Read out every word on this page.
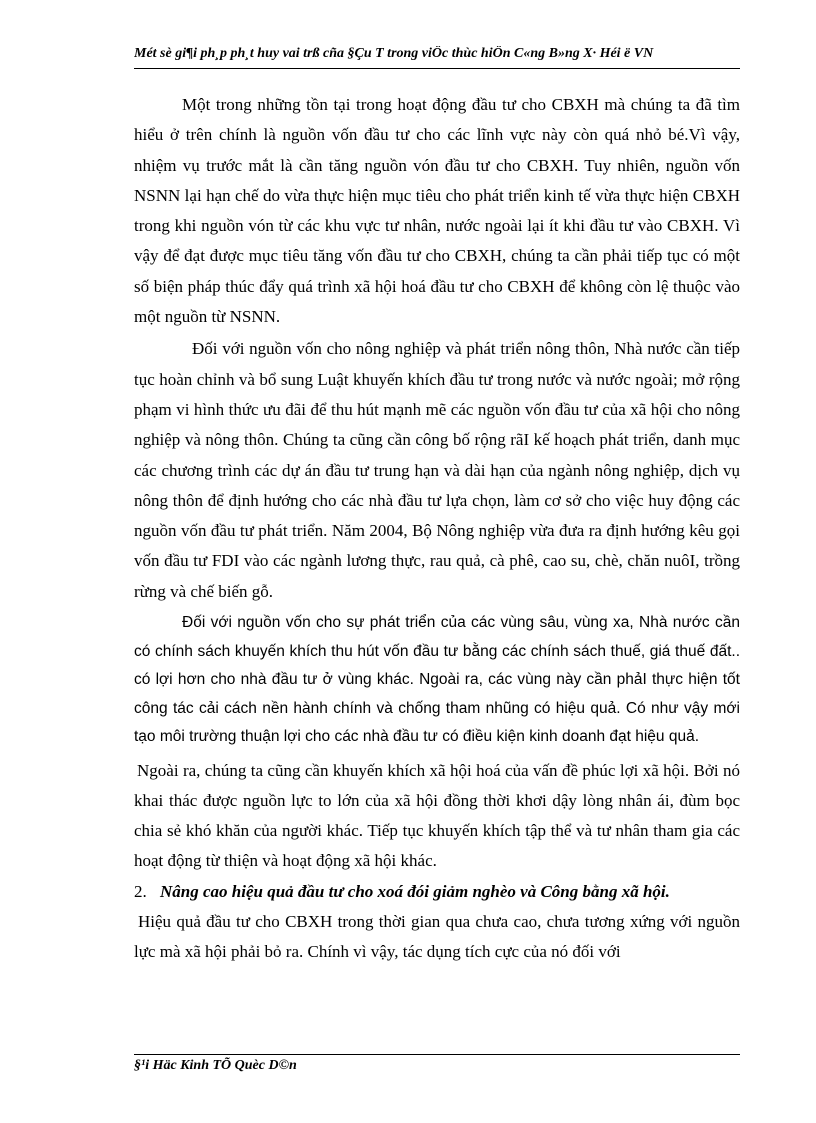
Mét sè gi¶i ph¸p ph¸t huy vai trß cña §Çu T trong viÖc thùc hiÖn C«ng B»ng X· Héi ë VN

Một trong những tồn tại trong hoạt động đầu tư cho CBXH mà chúng ta đã tìm hiểu ở trên chính là nguồn vốn đầu tư cho các lĩnh vực này còn quá nhỏ bé.Vì vậy, nhiệm vụ trước mắt là cần tăng nguồn vón đầu tư cho CBXH. Tuy nhiên, nguồn vốn NSNN lại hạn chế do vừa thực hiện mục tiêu cho phát triển kinh tế vừa thực hiện CBXH trong khi nguồn vón từ các khu vực tư nhân, nước ngoài lại ít khi đầu tư vào CBXH. Vì vậy để đạt được mục tiêu tăng vốn đầu tư cho CBXH, chúng ta cần phải tiếp tục có một số biện pháp thúc đẩy quá trình xã hội hoá đầu tư cho CBXH để không còn lệ thuộc vào một nguồn từ NSNN.

Đối với nguồn vốn cho nông nghiệp và phát triển nông thôn, Nhà nước cần tiếp tục hoàn chỉnh và bổ sung Luật khuyến khích đầu tư trong nước và nước ngoài; mở rộng phạm vi hình thức ưu đãi để thu hút mạnh mẽ các nguồn vốn đầu tư của xã hội cho nông nghiệp và nông thôn. Chúng ta cũng cần công bố rộng rãI kế hoạch phát triển, danh mục các chương trình các dự án đầu tư trung hạn và dài hạn của ngành nông nghiệp, dịch vụ nông thôn để định hướng cho các nhà đầu tư lựa chọn, làm cơ sở cho việc huy động các nguồn vốn đầu tư phát triển. Năm 2004, Bộ Nông nghiệp vừa đưa ra định hướng kêu gọi vốn đầu tư FDI vào các ngành lương thực, rau quả, cà phê, cao su, chè, chăn nuôI, trồng rừng và chế biến gỗ.

Đối với nguồn vốn cho sự phát triển của các vùng sâu, vùng xa, Nhà nước cần có chính sách khuyến khích thu hút vốn đầu tư bằng các chính sách thuế, giá thuế đất.. có lợi hơn cho nhà đầu tư ở vùng khác. Ngoài ra, các vùng này cần phảI thực hiện tốt công tác cải cách nền hành chính và chống tham nhũng có hiệu quả. Có như vậy mới tạo môi trường thuận lợi cho các nhà đầu tư có điều kiện kinh doanh đạt hiệu quả.

Ngoài ra, chúng ta cũng cần khuyến khích xã hội hoá của vấn đề phúc lợi xã hội. Bởi nó khai thác được nguồn lực to lớn của xã hội đồng thời khơi dậy lòng nhân ái, đùm bọc chia sẻ khó khăn của người khác. Tiếp tục khuyến khích tập thể và tư nhân tham gia các hoạt động từ thiện và hoạt động xã hội khác.

2. Nâng cao hiệu quả đầu tư cho xoá đói giảm nghèo và Công bằng xã hội.

Hiệu quả đầu tư cho CBXH trong thời gian qua chưa cao, chưa tương xứng với nguồn lực mà xã hội phải bỏ ra. Chính vì vậy, tác dụng tích cực của nó đối với

§¹i Häc Kinh TÕ Quèc D©n
